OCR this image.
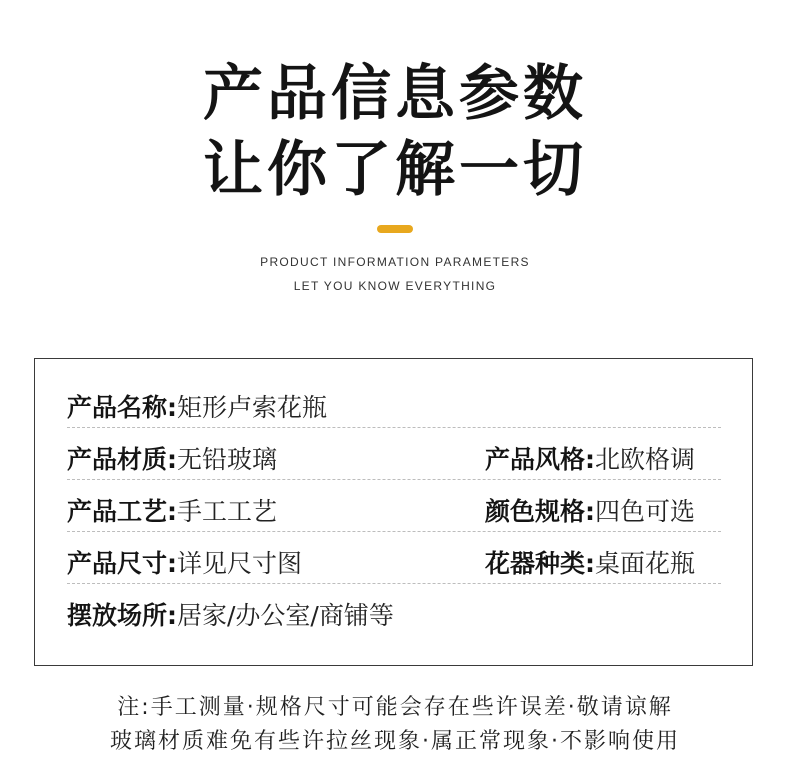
产品信息参数
让你了解一切
PRODUCT INFORMATION PARAMETERS
LET YOU KNOW EVERYTHING
产品名称:矩形卢索花瓶
产品材质:无铅玻璃	产品风格:北欧格调
产品工艺:手工工艺	颜色规格:四色可选
产品尺寸:详见尺寸图	花器种类:桌面花瓶
摆放场所:居家/办公室/商铺等
注:手工测量·规格尺寸可能会存在些许误差·敬请谅解
玻璃材质难免有些许拉丝现象·属正常现象·不影响使用
